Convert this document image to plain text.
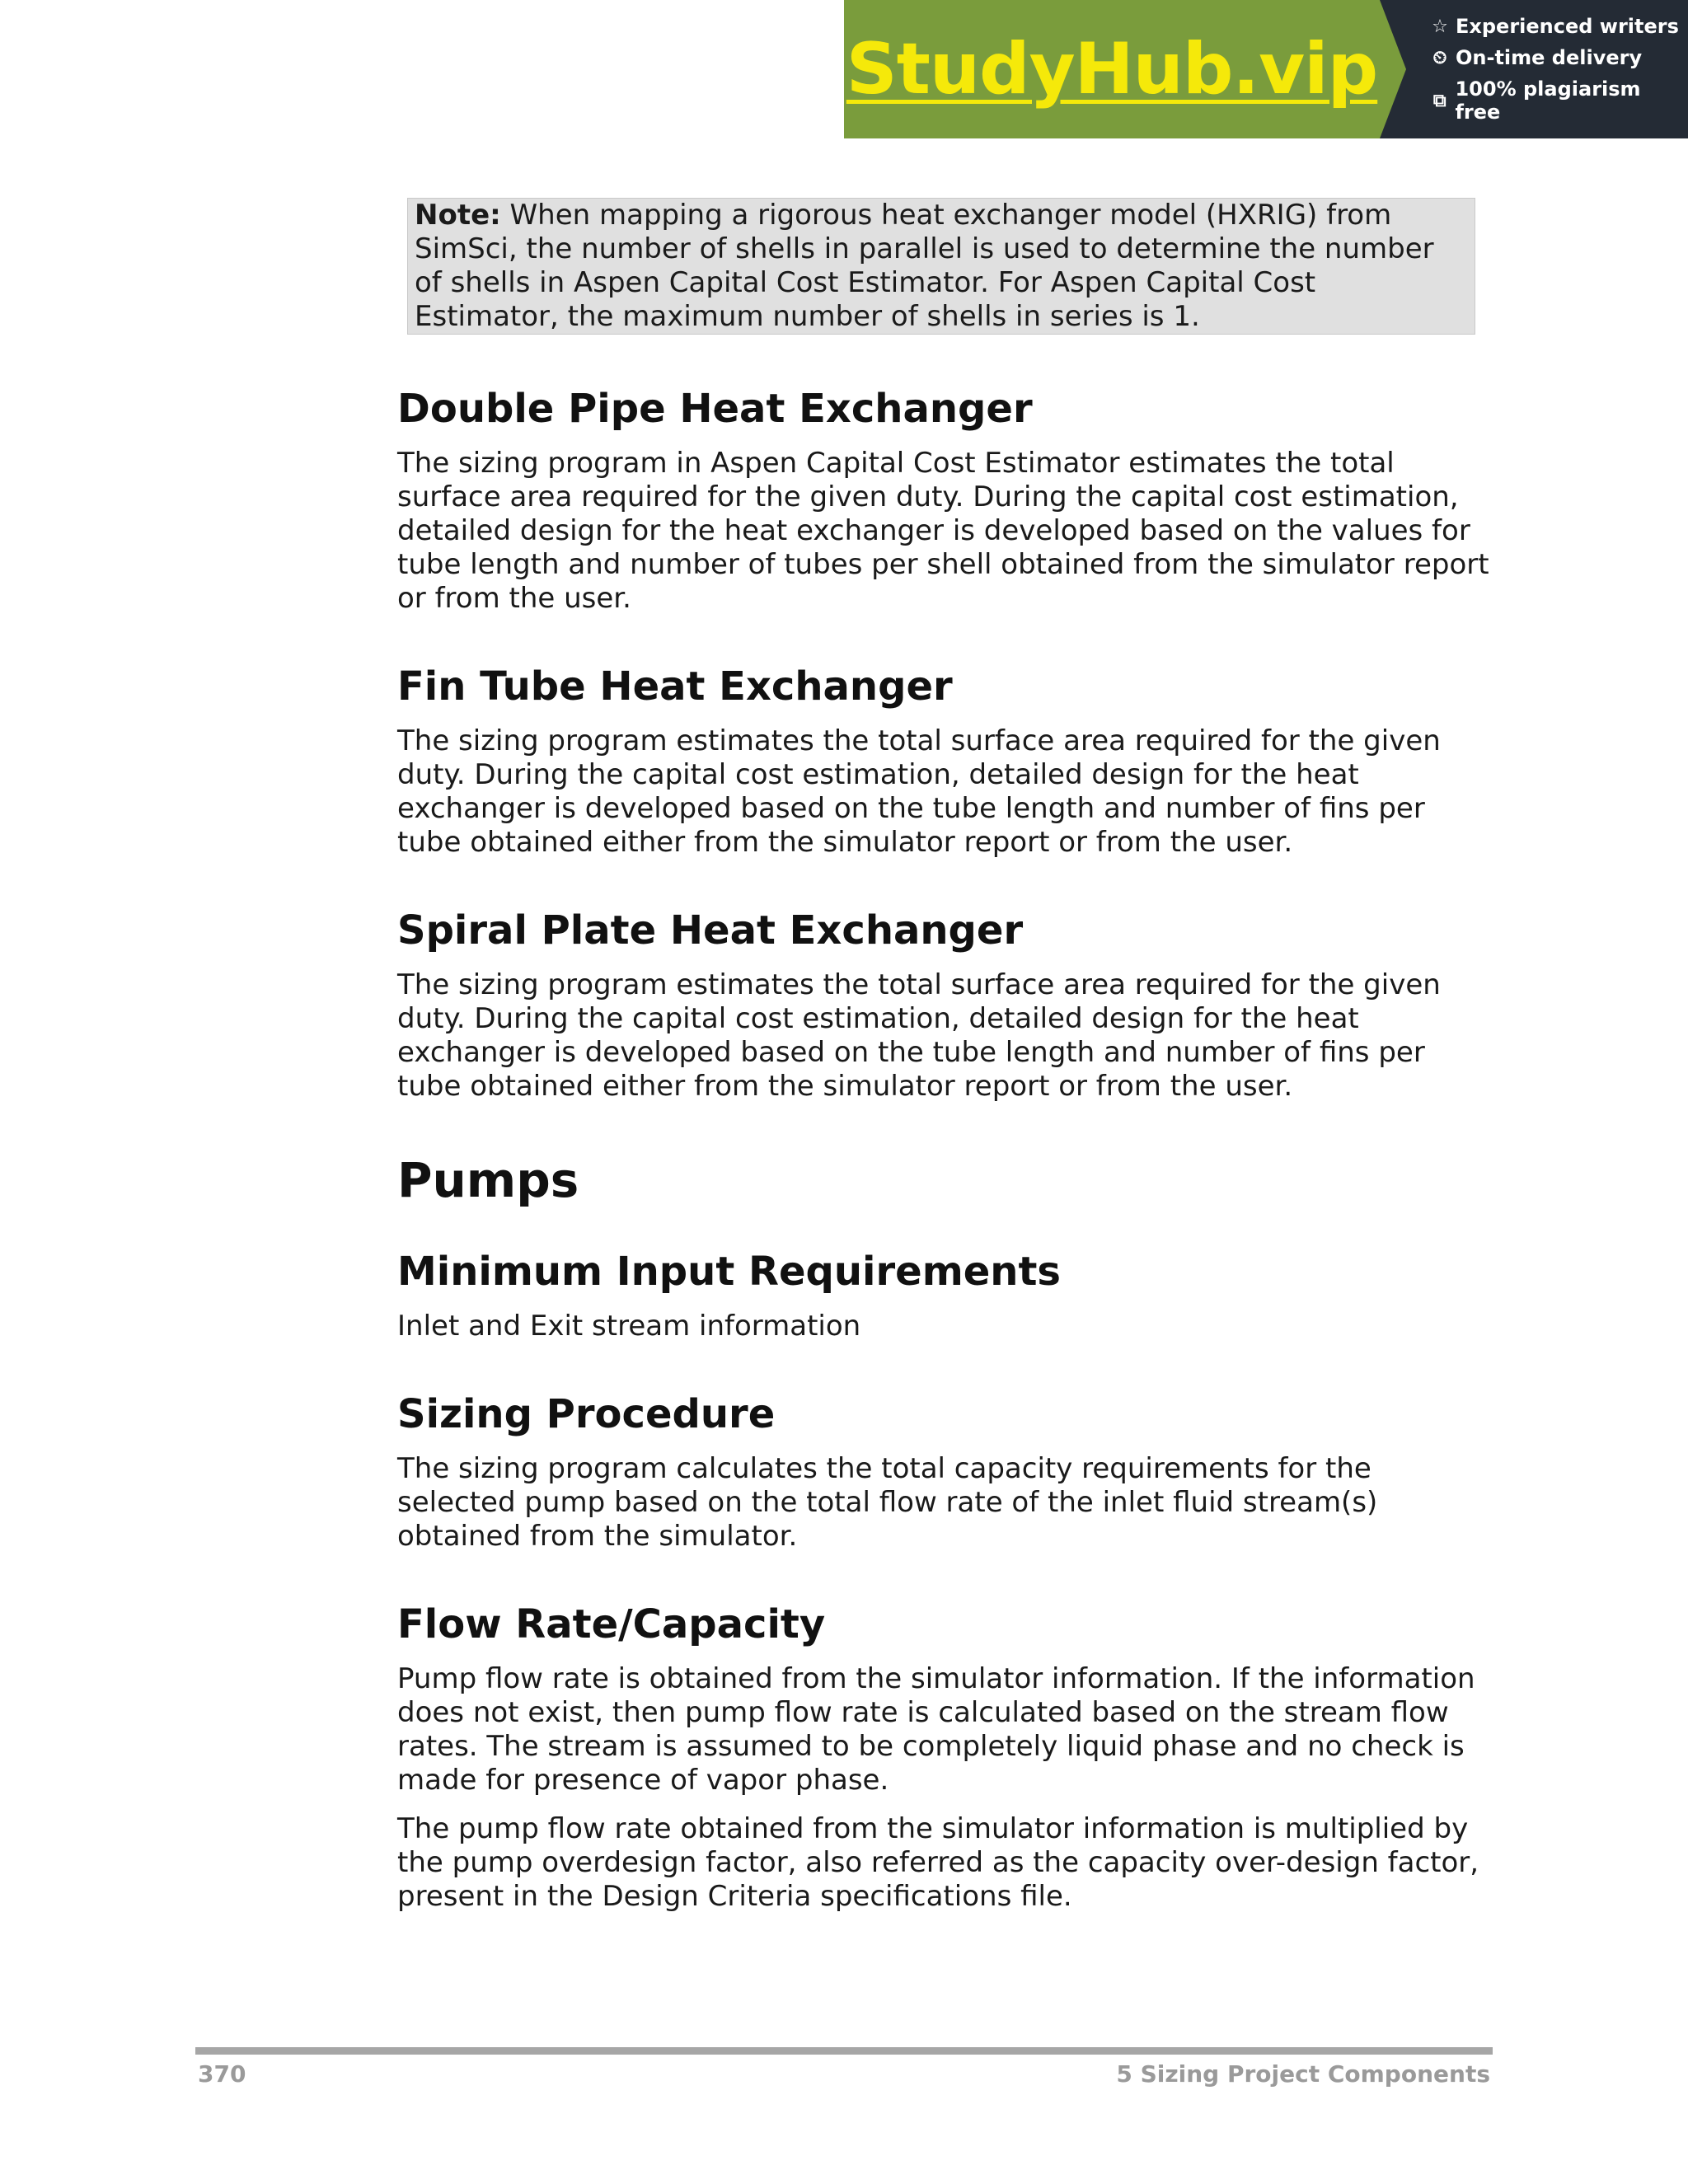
StudyHub.vip
☆ Experienced writers
⏲ On-time delivery
⧉ 100% plagiarism free
Note: When mapping a rigorous heat exchanger model (HXRIG) from SimSci, the number of shells in parallel is used to determine the number of shells in Aspen Capital Cost Estimator. For Aspen Capital Cost Estimator, the maximum number of shells in series is 1.
Double Pipe Heat Exchanger

The sizing program in Aspen Capital Cost Estimator estimates the total surface area required for the given duty. During the capital cost estimation, detailed design for the heat exchanger is developed based on the values for tube length and number of tubes per shell obtained from the simulator report or from the user.

Fin Tube Heat Exchanger

The sizing program estimates the total surface area required for the given duty. During the capital cost estimation, detailed design for the heat exchanger is developed based on the tube length and number of fins per tube obtained either from the simulator report or from the user.

Spiral Plate Heat Exchanger

The sizing program estimates the total surface area required for the given duty. During the capital cost estimation, detailed design for the heat exchanger is developed based on the tube length and number of fins per tube obtained either from the simulator report or from the user.

Pumps
Minimum Input Requirements

Inlet and Exit stream information

Sizing Procedure

The sizing program calculates the total capacity requirements for the selected pump based on the total flow rate of the inlet fluid stream(s) obtained from the simulator.

Flow Rate/Capacity

Pump flow rate is obtained from the simulator information. If the information does not exist, then pump flow rate is calculated based on the stream flow rates. The stream is assumed to be completely liquid phase and no check is made for presence of vapor phase.

The pump flow rate obtained from the simulator information is multiplied by the pump overdesign factor, also referred as the capacity over-design factor, present in the Design Criteria specifications file.

370	5 Sizing Project Components
